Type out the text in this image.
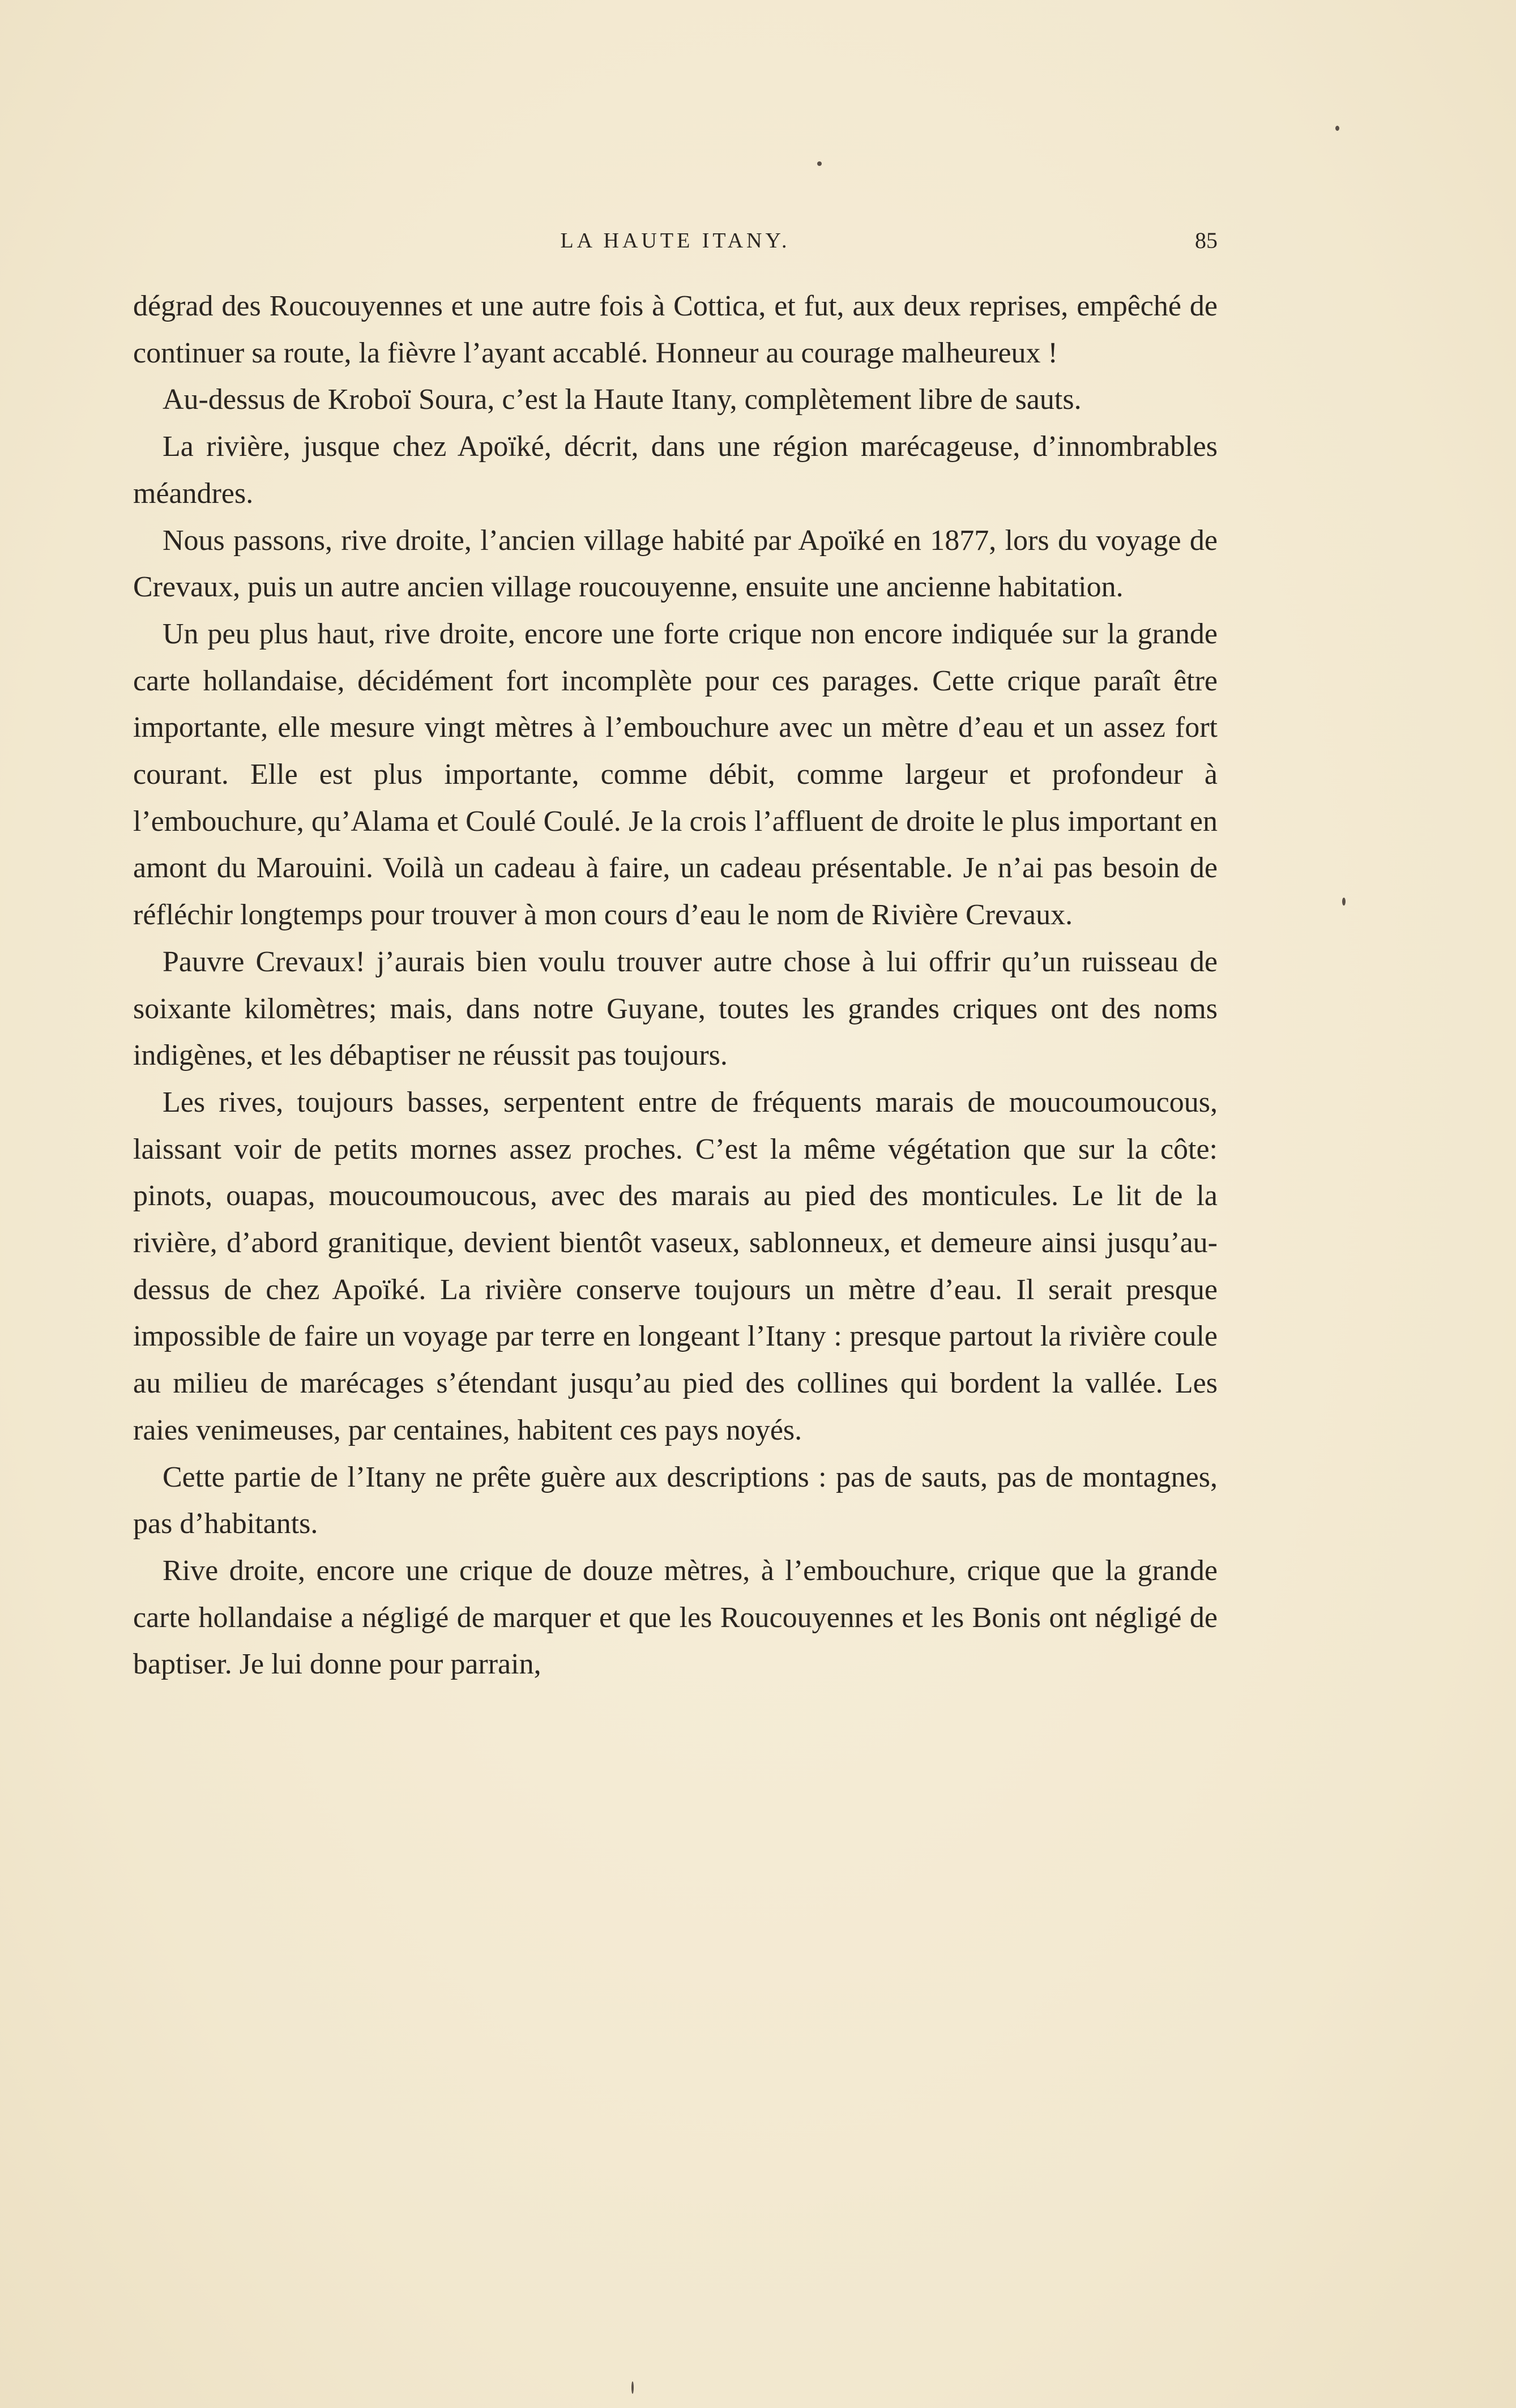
LA HAUTE ITANY.	85

dégrad des Roucouyennes et une autre fois à Cottica, et fut, aux deux reprises, empêché de continuer sa route, la fièvre l’ayant accablé. Honneur au courage malheureux !

Au-dessus de Kroboï Soura, c’est la Haute Itany, complètement libre de sauts.

La rivière, jusque chez Apoïké, décrit, dans une région marécageuse, d’innombrables méandres.

Nous passons, rive droite, l’ancien village habité par Apoïké en 1877, lors du voyage de Crevaux, puis un autre ancien village roucouyenne, ensuite une ancienne habitation.

Un peu plus haut, rive droite, encore une forte crique non encore indiquée sur la grande carte hollandaise, décidément fort incomplète pour ces parages. Cette crique paraît être importante, elle mesure vingt mètres à l’embouchure avec un mètre d’eau et un assez fort courant. Elle est plus importante, comme débit, comme largeur et profondeur à l’embouchure, qu’Alama et Coulé Coulé. Je la crois l’affluent de droite le plus important en amont du Marouini. Voilà un cadeau à faire, un cadeau présentable. Je n’ai pas besoin de réfléchir longtemps pour trouver à mon cours d’eau le nom de Rivière Crevaux.

Pauvre Crevaux! j’aurais bien voulu trouver autre chose à lui offrir qu’un ruisseau de soixante kilomètres; mais, dans notre Guyane, toutes les grandes criques ont des noms indigènes, et les débaptiser ne réussit pas toujours.

Les rives, toujours basses, serpentent entre de fréquents marais de moucoumoucous, laissant voir de petits mornes assez proches. C’est la même végétation que sur la côte: pinots, ouapas, moucoumoucous, avec des marais au pied des monticules. Le lit de la rivière, d’abord granitique, devient bientôt vaseux, sablonneux, et demeure ainsi jusqu’au-dessus de chez Apoïké. La rivière conserve toujours un mètre d’eau. Il serait presque impossible de faire un voyage par terre en longeant l’Itany : presque partout la rivière coule au milieu de marécages s’étendant jusqu’au pied des collines qui bordent la vallée. Les raies venimeuses, par centaines, habitent ces pays noyés.

Cette partie de l’Itany ne prête guère aux descriptions : pas de sauts, pas de montagnes, pas d’habitants.

Rive droite, encore une crique de douze mètres, à l’embouchure, crique que la grande carte hollandaise a négligé de marquer et que les Roucouyennes et les Bonis ont négligé de baptiser. Je lui donne pour parrain,
